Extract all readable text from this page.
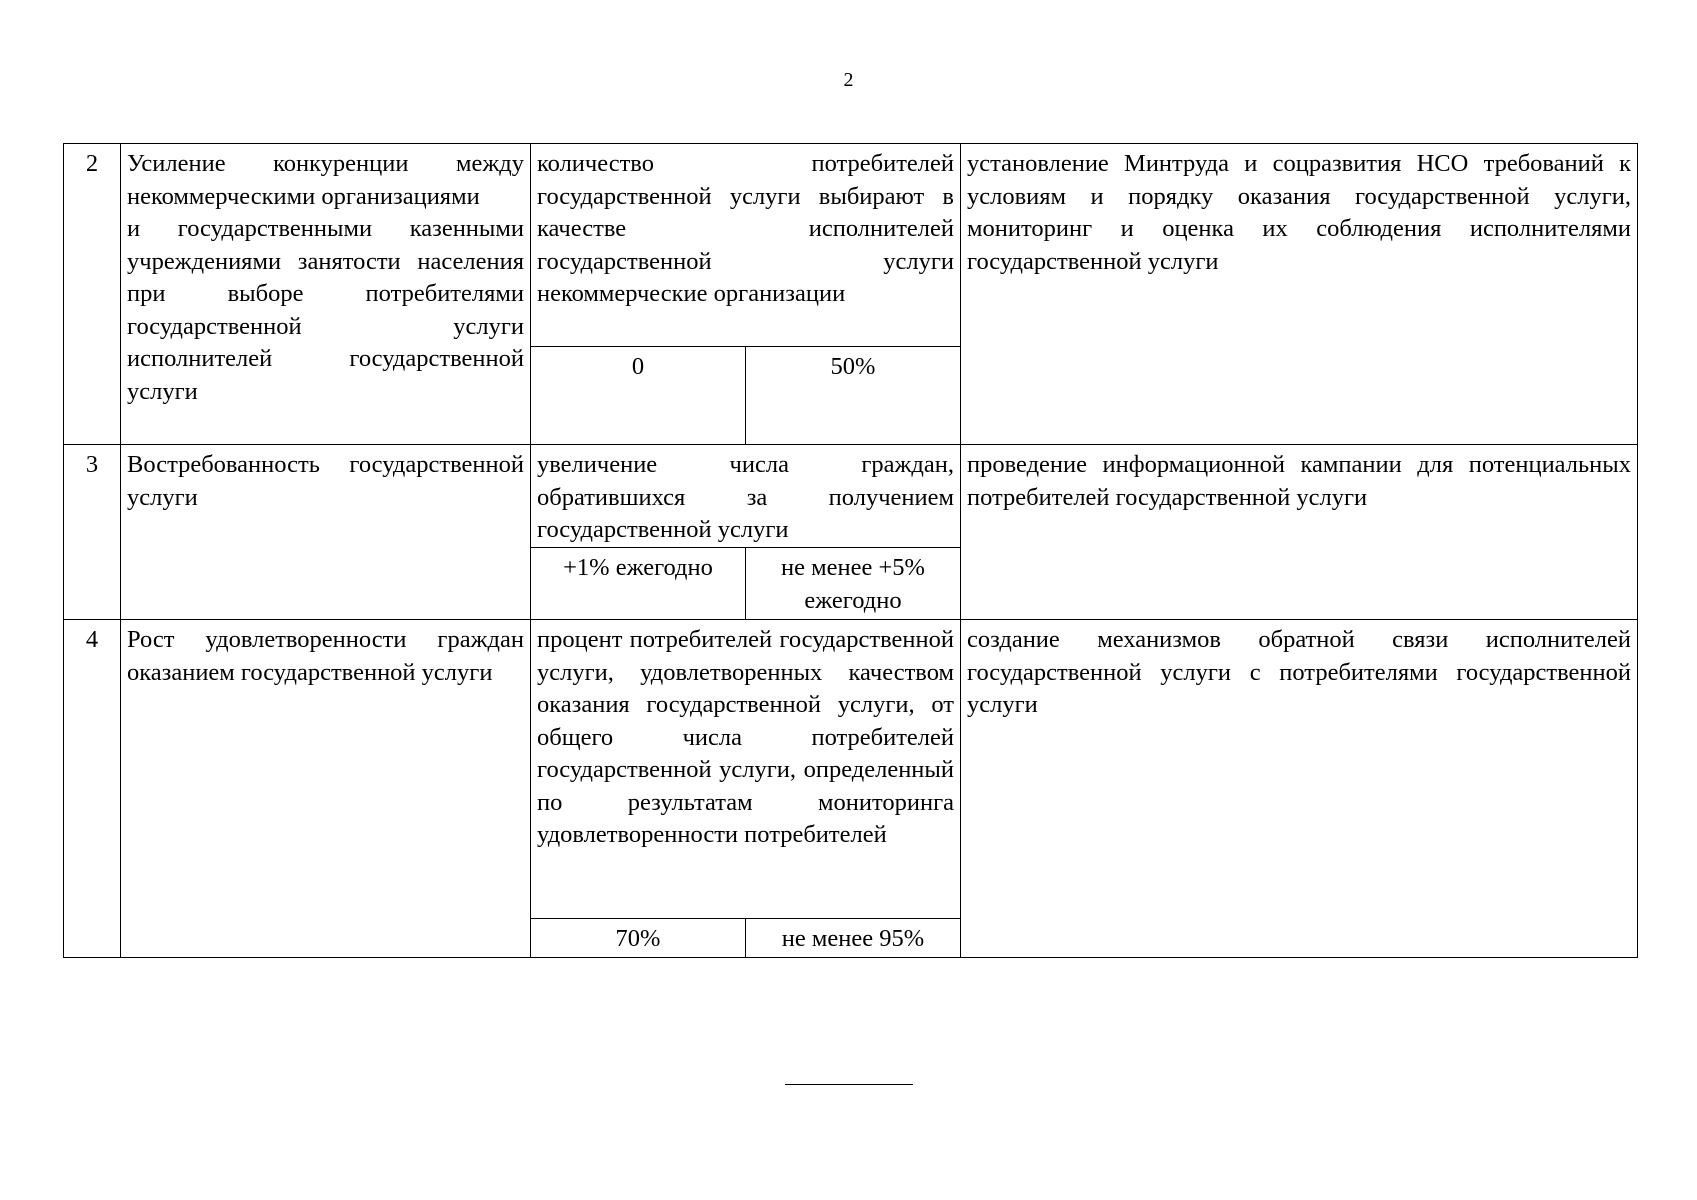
2
2	Усиление конкуренции между некоммерческими организациями
и государственными казенными учреждениями занятости населения при выборе потребителями государственной услуги исполнителей государственной услуги	количество потребителей государственной услуги выбирают в качестве исполнителей государственной услуги некоммерческие организации		установление Минтруда и соцразвития НСО требований к условиям и порядку оказания государственной услуги, мониторинг и оценка их соблюдения исполнителями государственной услуги
		0	50%	
3	Востребованность государственной услуги	увеличение числа граждан, обратившихся за получением государственной услуги		проведение информационной кампании для потенциальных потребителей государственной услуги
		+1% ежегодно	не менее +5% ежегодно	
4	Рост удовлетворенности граждан оказанием государственной услуги	процент потребителей государственной услуги, удовлетворенных качеством оказания государственной услуги, от общего числа потребителей государственной услуги, определенный по результатам мониторинга удовлетворенности потребителей		создание механизмов обратной связи исполнителей государственной услуги с потребителями государственной услуги
		70%	не менее 95%	
